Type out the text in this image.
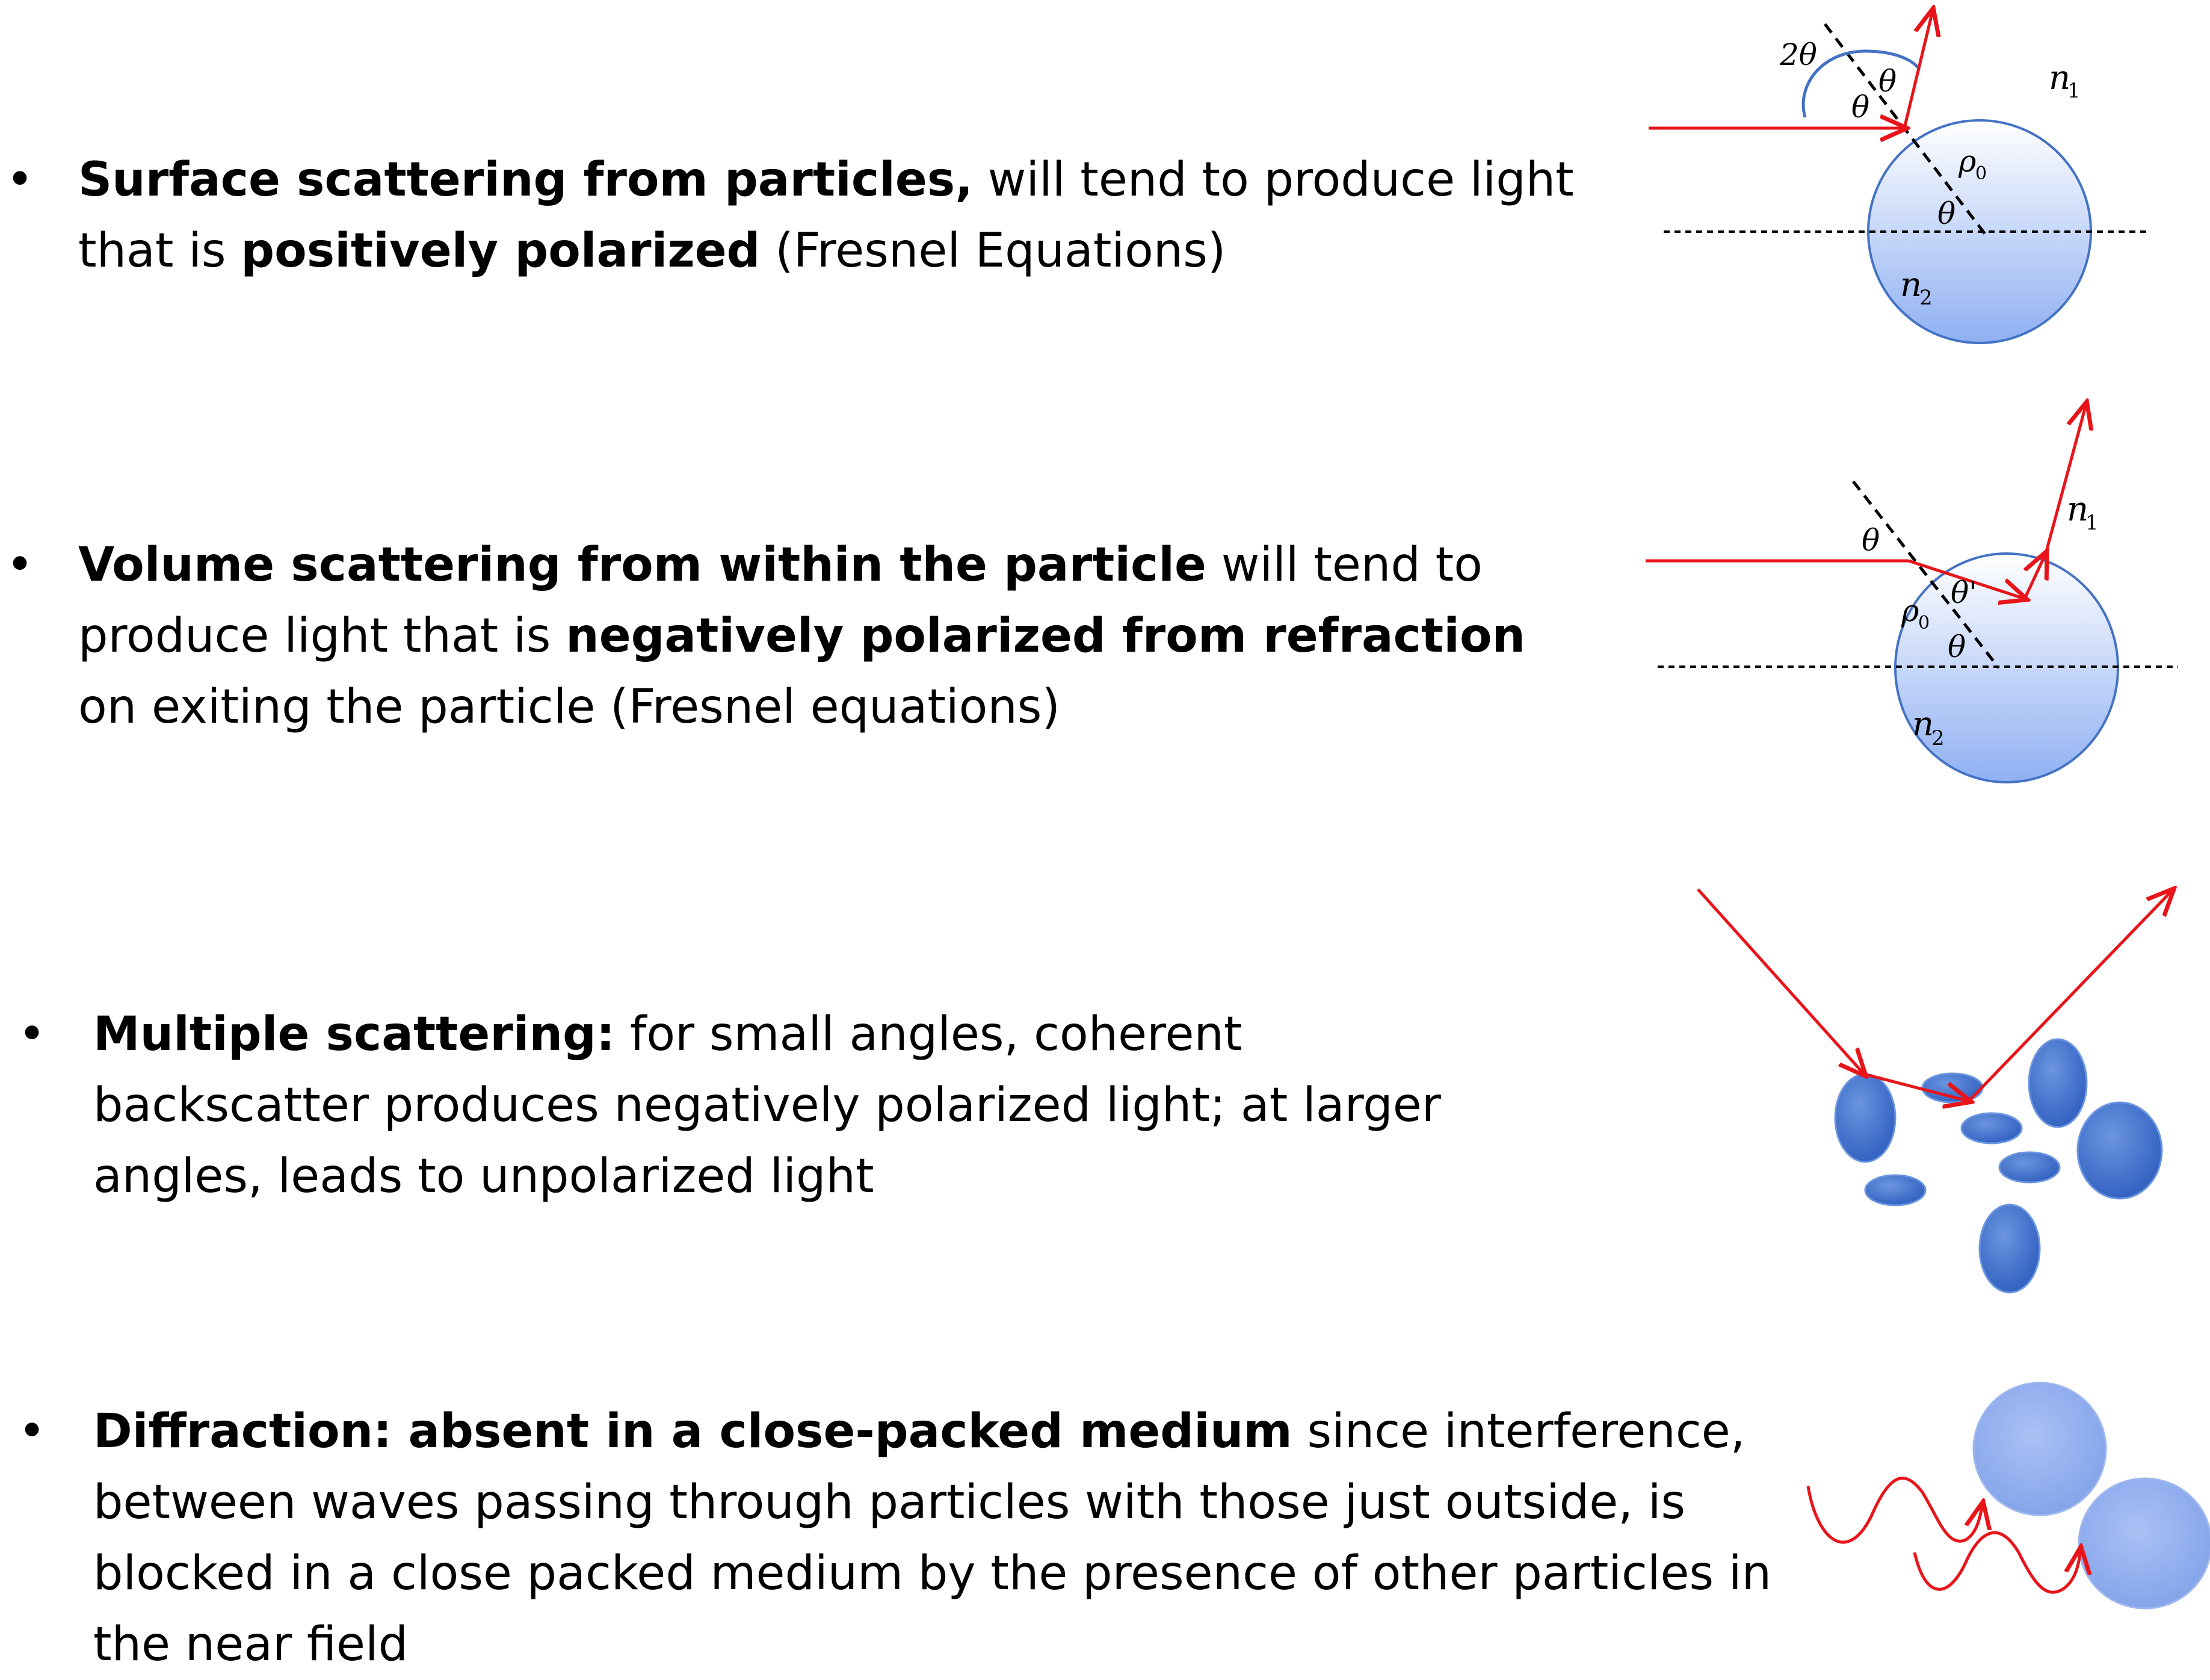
• Surface scattering from particles, will tend to produce light that is positively polarized (Fresnel Equations)
• Volume scattering from within the particle will tend to produce light that is negatively polarized from refraction on exiting the particle (Fresnel equations)
• Multiple scattering: for small angles, coherent backscatter produces negatively polarized light; at larger angles, leads to unpolarized light
• Diffraction: absent in a close-packed medium since interference, between waves passing through particles with those just outside, is blocked in a close packed medium by the presence of other particles in the near field
2θ
θ
θ
θ
ρ
0
n
1
n
2
θ
θ'
θ
ρ
0
n
1
n
2
